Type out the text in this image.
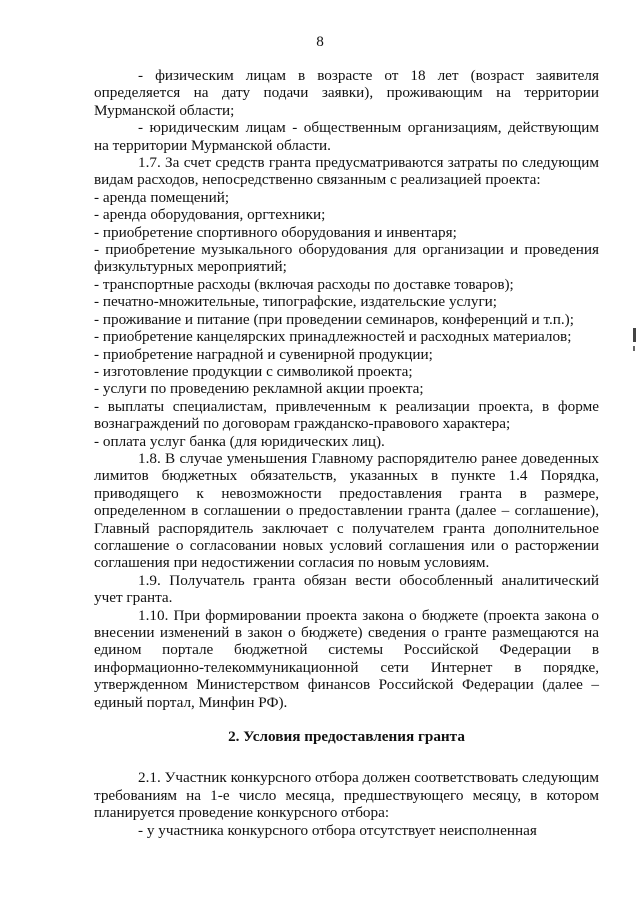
8

- физическим лицам в возрасте от 18 лет (возраст заявителя определяется на дату подачи заявки), проживающим на территории Мурманской области;

- юридическим лицам - общественным организациям, действующим на территории Мурманской области.

1.7. За счет средств гранта предусматриваются затраты по следующим видам расходов, непосредственно связанным с реализацией проекта:

- аренда помещений;

- аренда оборудования, оргтехники;

- приобретение спортивного оборудования и инвентаря;

- приобретение музыкального оборудования для организации и проведения физкультурных мероприятий;

- транспортные расходы (включая расходы по доставке товаров);

- печатно-множительные, типографские, издательские услуги;

- проживание и питание (при проведении семинаров, конференций и т.п.);

- приобретение канцелярских принадлежностей и расходных материалов;

- приобретение наградной и сувенирной продукции;

- изготовление продукции с символикой проекта;

- услуги по проведению рекламной акции проекта;

- выплаты специалистам, привлеченным к реализации проекта, в форме вознаграждений по договорам гражданско-правового характера;

- оплата услуг банка (для юридических лиц).

1.8. В случае уменьшения Главному распорядителю ранее доведенных лимитов бюджетных обязательств, указанных в пункте 1.4 Порядка, приводящего к невозможности предоставления гранта в размере, определенном в соглашении о предоставлении гранта (далее – соглашение), Главный распорядитель заключает с получателем гранта дополнительное соглашение о согласовании новых условий соглашения или о расторжении соглашения при недостижении согласия по новым условиям.

1.9. Получатель гранта обязан вести обособленный аналитический учет гранта.

1.10. При формировании проекта закона о бюджете (проекта закона о внесении изменений в закон о бюджете) сведения о гранте размещаются на едином портале бюджетной системы Российской Федерации в информационно-телекоммуникационной сети Интернет в порядке, утвержденном Министерством финансов Российской Федерации (далее – единый портал, Минфин РФ).

2. Условия предоставления гранта

2.1. Участник конкурсного отбора должен соответствовать следующим требованиям на 1-е число месяца, предшествующего месяцу, в котором планируется проведение конкурсного отбора:

- у участника конкурсного отбора отсутствует неисполненная
